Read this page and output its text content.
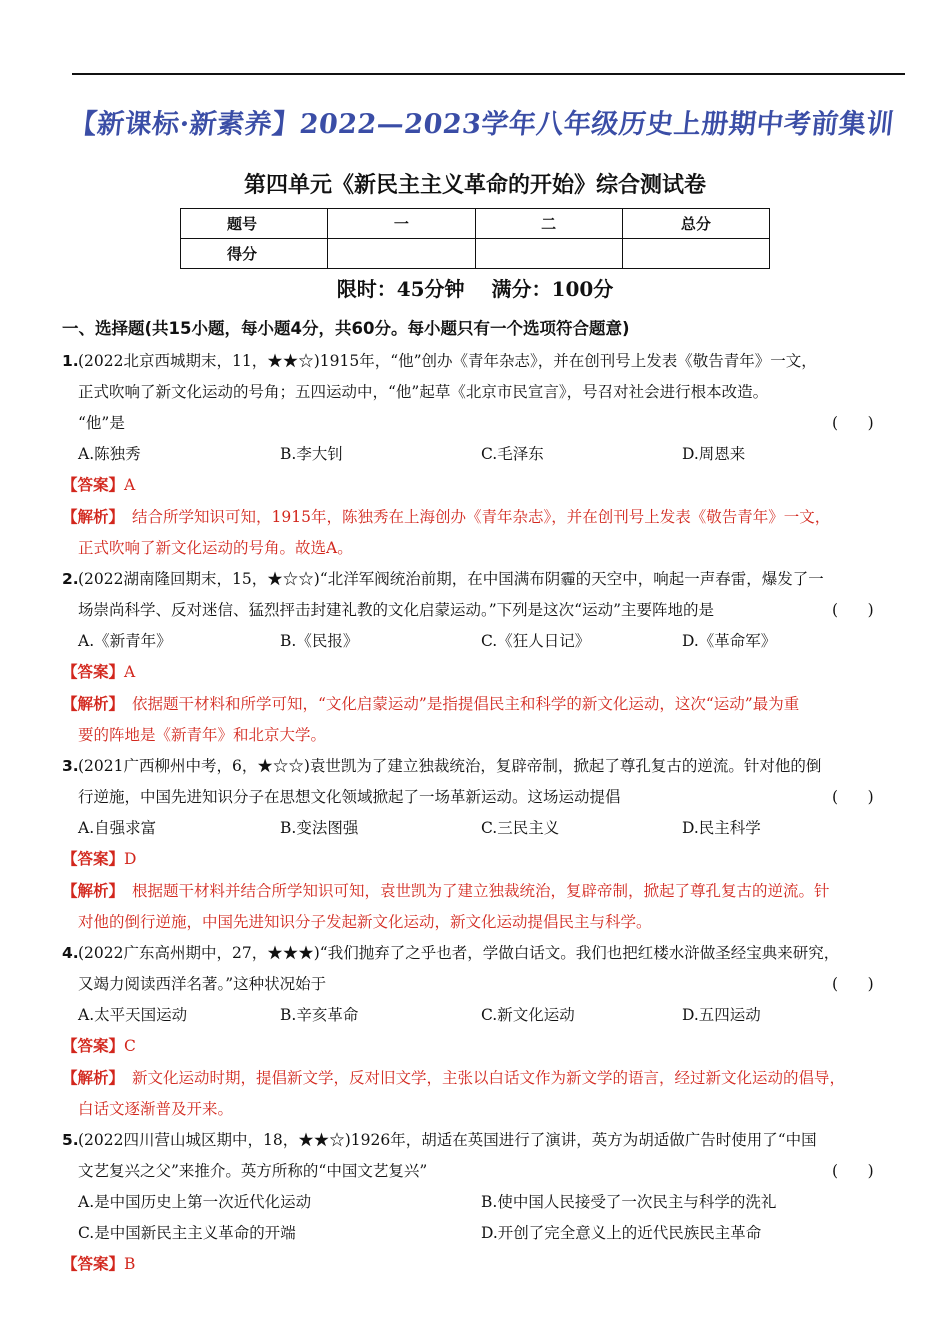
【新课标·新素养】2022—2023学年八年级历史上册期中考前集训
第四单元《新民主主义革命的开始》综合测试卷
题号	一	二	总分
得分			
限时：45分钟 满分：100分
一、选择题(共15小题，每小题4分，共60分。每小题只有一个选项符合题意)
1. (2022北京西城期末，11，★★☆)1915年，“他”创办《青年杂志》，并在创刊号上发表《敬告青年》一文，
正式吹响了新文化运动的号角；五四运动中，“他”起草《北京市民宣言》，号召对社会进行根本改造。
“他”是	(      )
A.陈独秀	B.李大钊	C.毛泽东	D.周恩来
【答案】A
【解析】 结合所学知识可知，1915年，陈独秀在上海创办《青年杂志》，并在创刊号上发表《敬告青年》一文，
正式吹响了新文化运动的号角。故选A。
2. (2022湖南隆回期末，15，★☆☆)“北洋军阀统治前期，在中国满布阴霾的天空中，响起一声春雷，爆发了一
场崇尚科学、反对迷信、猛烈抨击封建礼教的文化启蒙运动。”下列是这次“运动”主要阵地的是	(      )
A.《新青年》	B.《民报》	C.《狂人日记》	D.《革命军》
【答案】A
【解析】 依据题干材料和所学可知，“文化启蒙运动”是指提倡民主和科学的新文化运动，这次“运动”最为重
要的阵地是《新青年》和北京大学。
3. (2021广西柳州中考，6，★☆☆)袁世凯为了建立独裁统治，复辟帝制，掀起了尊孔复古的逆流。针对他的倒
行逆施，中国先进知识分子在思想文化领域掀起了一场革新运动。这场运动提倡	(      )
A.自强求富	B.变法图强	C.三民主义	D.民主科学
【答案】D
【解析】 根据题干材料并结合所学知识可知，袁世凯为了建立独裁统治，复辟帝制，掀起了尊孔复古的逆流。针
对他的倒行逆施，中国先进知识分子发起新文化运动，新文化运动提倡民主与科学。
4. (2022广东高州期中，27，★★★)“我们抛弃了之乎也者，学做白话文。我们也把红楼水浒做圣经宝典来研究，
又竭力阅读西洋名著。”这种状况始于	(      )
A.太平天国运动	B.辛亥革命	C.新文化运动	D.五四运动
【答案】C
【解析】 新文化运动时期，提倡新文学，反对旧文学，主张以白话文作为新文学的语言，经过新文化运动的倡导，
白话文逐渐普及开来。
5. (2022四川营山城区期中，18，★★☆)1926年，胡适在英国进行了演讲，英方为胡适做广告时使用了“中国
文艺复兴之父”来推介。英方所称的“中国文艺复兴”	(      )
A.是中国历史上第一次近代化运动	B.使中国人民接受了一次民主与科学的洗礼
C.是中国新民主主义革命的开端	D.开创了完全意义上的近代民族民主革命
【答案】B
